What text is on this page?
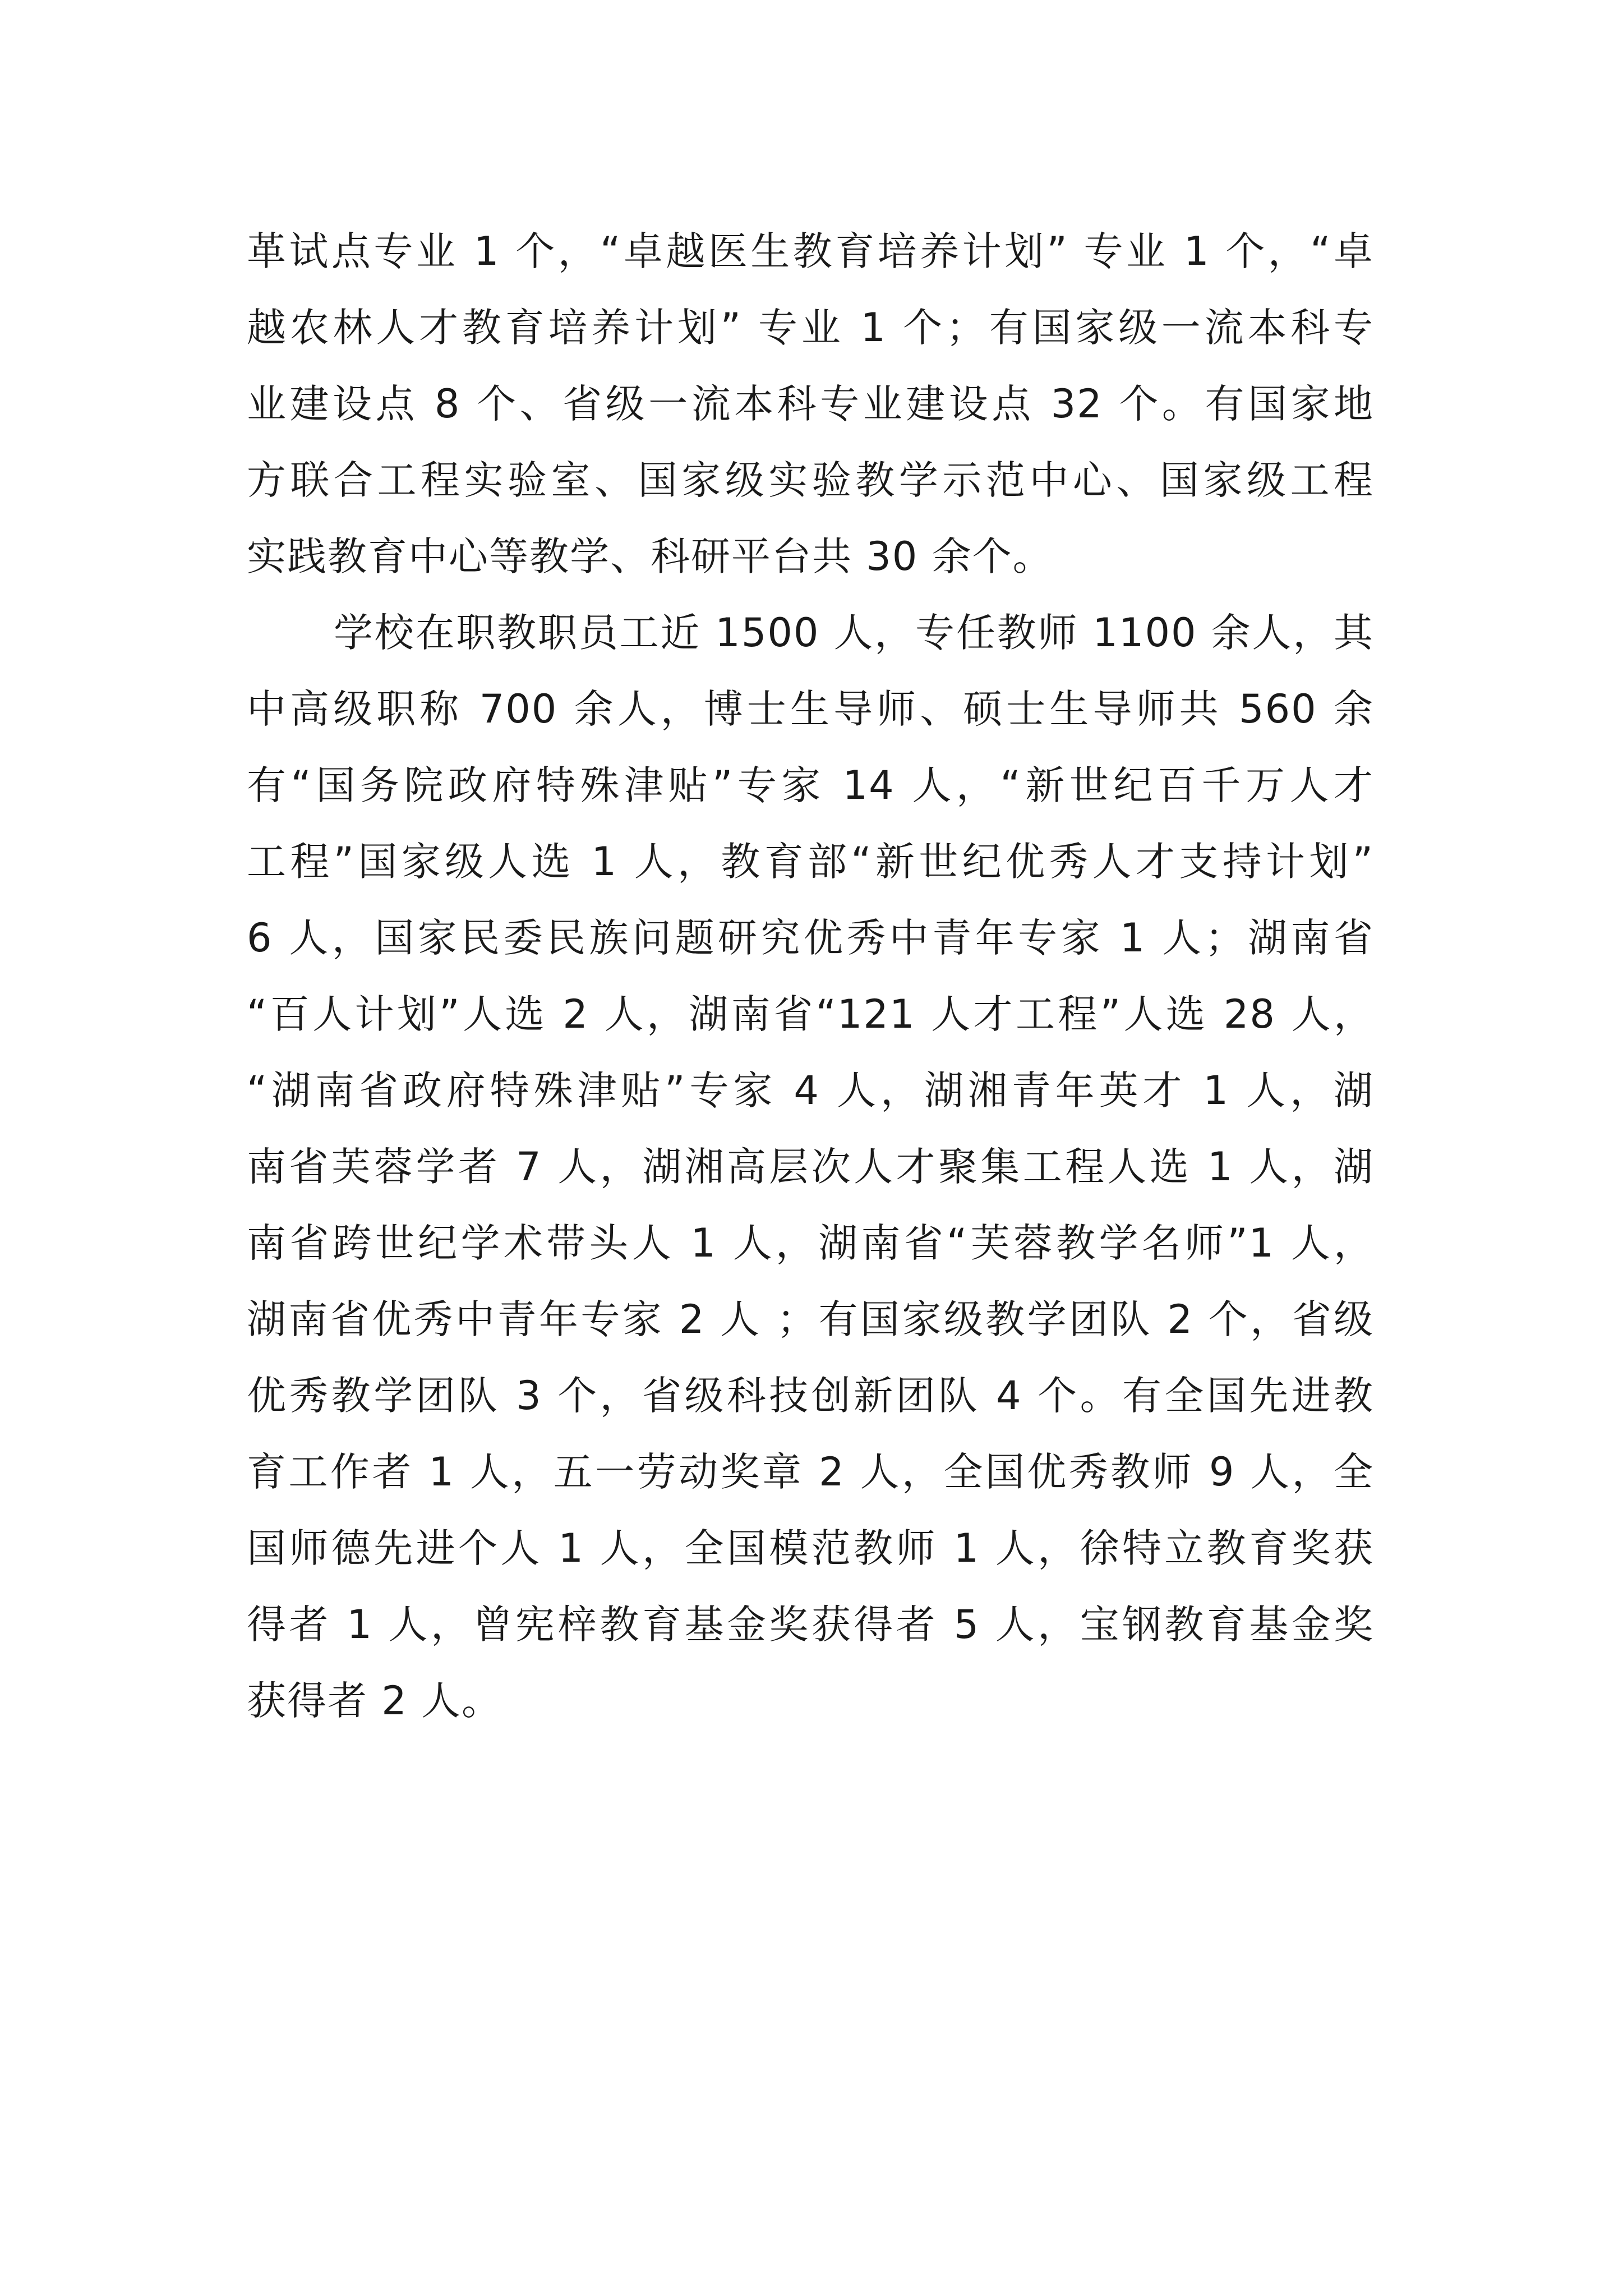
革试点专业 1 个，“卓越医生教育培养计划” 专业 1 个，“卓
越农林人才教育培养计划” 专业 1 个；有国家级一流本科专
业建设点 8 个、省级一流本科专业建设点 32 个。有国家地
方联合工程实验室、国家级实验教学示范中心、国家级工程
实践教育中心等教学、科研平台共 30 余个。
学校在职教职员工近 1500 人，专任教师 1100 余人，其
中高级职称 700 余人，博士生导师、硕士生导师共 560 余
有“国务院政府特殊津贴”专家 14 人，“新世纪百千万人才
工程”国家级人选 1 人，教育部“新世纪优秀人才支持计划”
6 人，国家民委民族问题研究优秀中青年专家 1 人；湖南省
“百人计划”人选 2 人，湖南省“121 人才工程”人选 28 人，
“湖南省政府特殊津贴”专家 4 人，湖湘青年英才 1 人，湖
南省芙蓉学者 7 人，湖湘高层次人才聚集工程人选 1 人，湖
南省跨世纪学术带头人 1 人，湖南省“芙蓉教学名师”1 人，
湖南省优秀中青年专家 2 人 ；有国家级教学团队 2 个，省级
优秀教学团队 3 个，省级科技创新团队 4 个。有全国先进教
育工作者 1 人，五一劳动奖章 2 人，全国优秀教师 9 人，全
国师德先进个人 1 人，全国模范教师 1 人，徐特立教育奖获
得者 1 人，曾宪梓教育基金奖获得者 5 人，宝钢教育基金奖
获得者 2 人。
